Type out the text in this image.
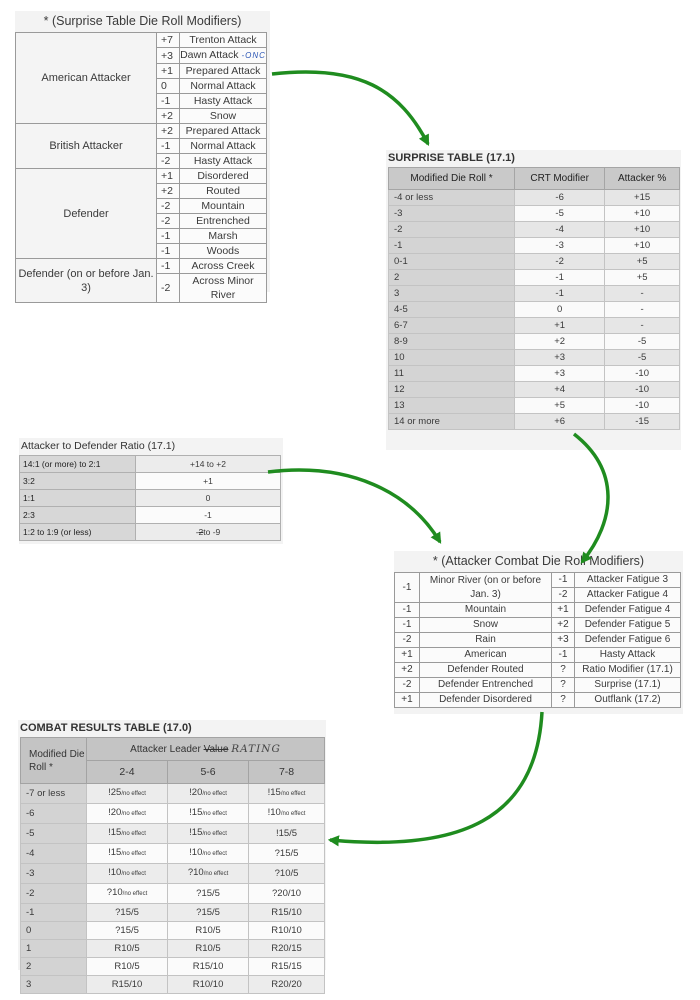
* (Surprise Table Die Roll Modifiers)
American Attacker	+7	Trenton Attack
	+3	Dawn Attack -ONC
	+1	Prepared Attack
	0	Normal Attack
	-1	Hasty Attack
	+2	Snow
British Attacker	+2	Prepared Attack
	-1	Normal Attack
	-2	Hasty Attack
Defender	+1	Disordered
	+2	Routed
	-2	Mountain
	-2	Entrenched
	-1	Marsh
	-1	Woods
Defender (on or before Jan. 3)	-1	Across Creek
	-2	Across Minor River
SURPRISE TABLE (17.1)
Modified Die Roll *	CRT Modifier	Attacker %
-4 or less	-6	+15
-3	-5	+10
-2	-4	+10
-1	-3	+10
0-1	-2	+5
2	-1	+5
3	-1	-
4-5	0	-
6-7	+1	-
8-9	+2	-5
10	+3	-5
11	+3	-10
12	+4	-10
13	+5	-10
14 or more	+6	-15
Attacker to Defender Ratio (17.1)
14:1 (or more) to 2:1	+14 to +2
3:2	+1
1:1	0
2:3	-1
1:2 to 1:9 (or less)	-2to -9
* (Attacker Combat Die Roll Modifiers)
-1	Minor River (on or before Jan. 3)	-1	Attacker Fatigue 3
		-2	Attacker Fatigue 4
-1	Mountain	+1	Defender Fatigue 4
-1	Snow	+2	Defender Fatigue 5
-2	Rain	+3	Defender Fatigue 6
+1	American	-1	Hasty Attack
+2	Defender Routed	?	Ratio Modifier (17.1)
-2	Defender Entrenched	?	Surprise (17.1)
+1	Defender Disordered	?	Outflank (17.2)
COMBAT RESULTS TABLE (17.0)
Modified Die Roll *	Attacker Leader Value RATING		
	2-4	5-6	7-8
-7 or less	!25/no effect	!20/no effect	!15/no effect
-6	!20/no effect	!15/no effect	!10/no effect
-5	!15/no effect	!15/no effect	!15/5
-4	!15/no effect	!10/no effect	?15/5
-3	!10/no effect	?10/no effect	?10/5
-2	?10/no effect	?15/5	?20/10
-1	?15/5	?15/5	R15/10
0	?15/5	R10/5	R10/10
1	R10/5	R10/5	R20/15
2	R10/5	R15/10	R15/15
3	R15/10	R10/10	R20/20
